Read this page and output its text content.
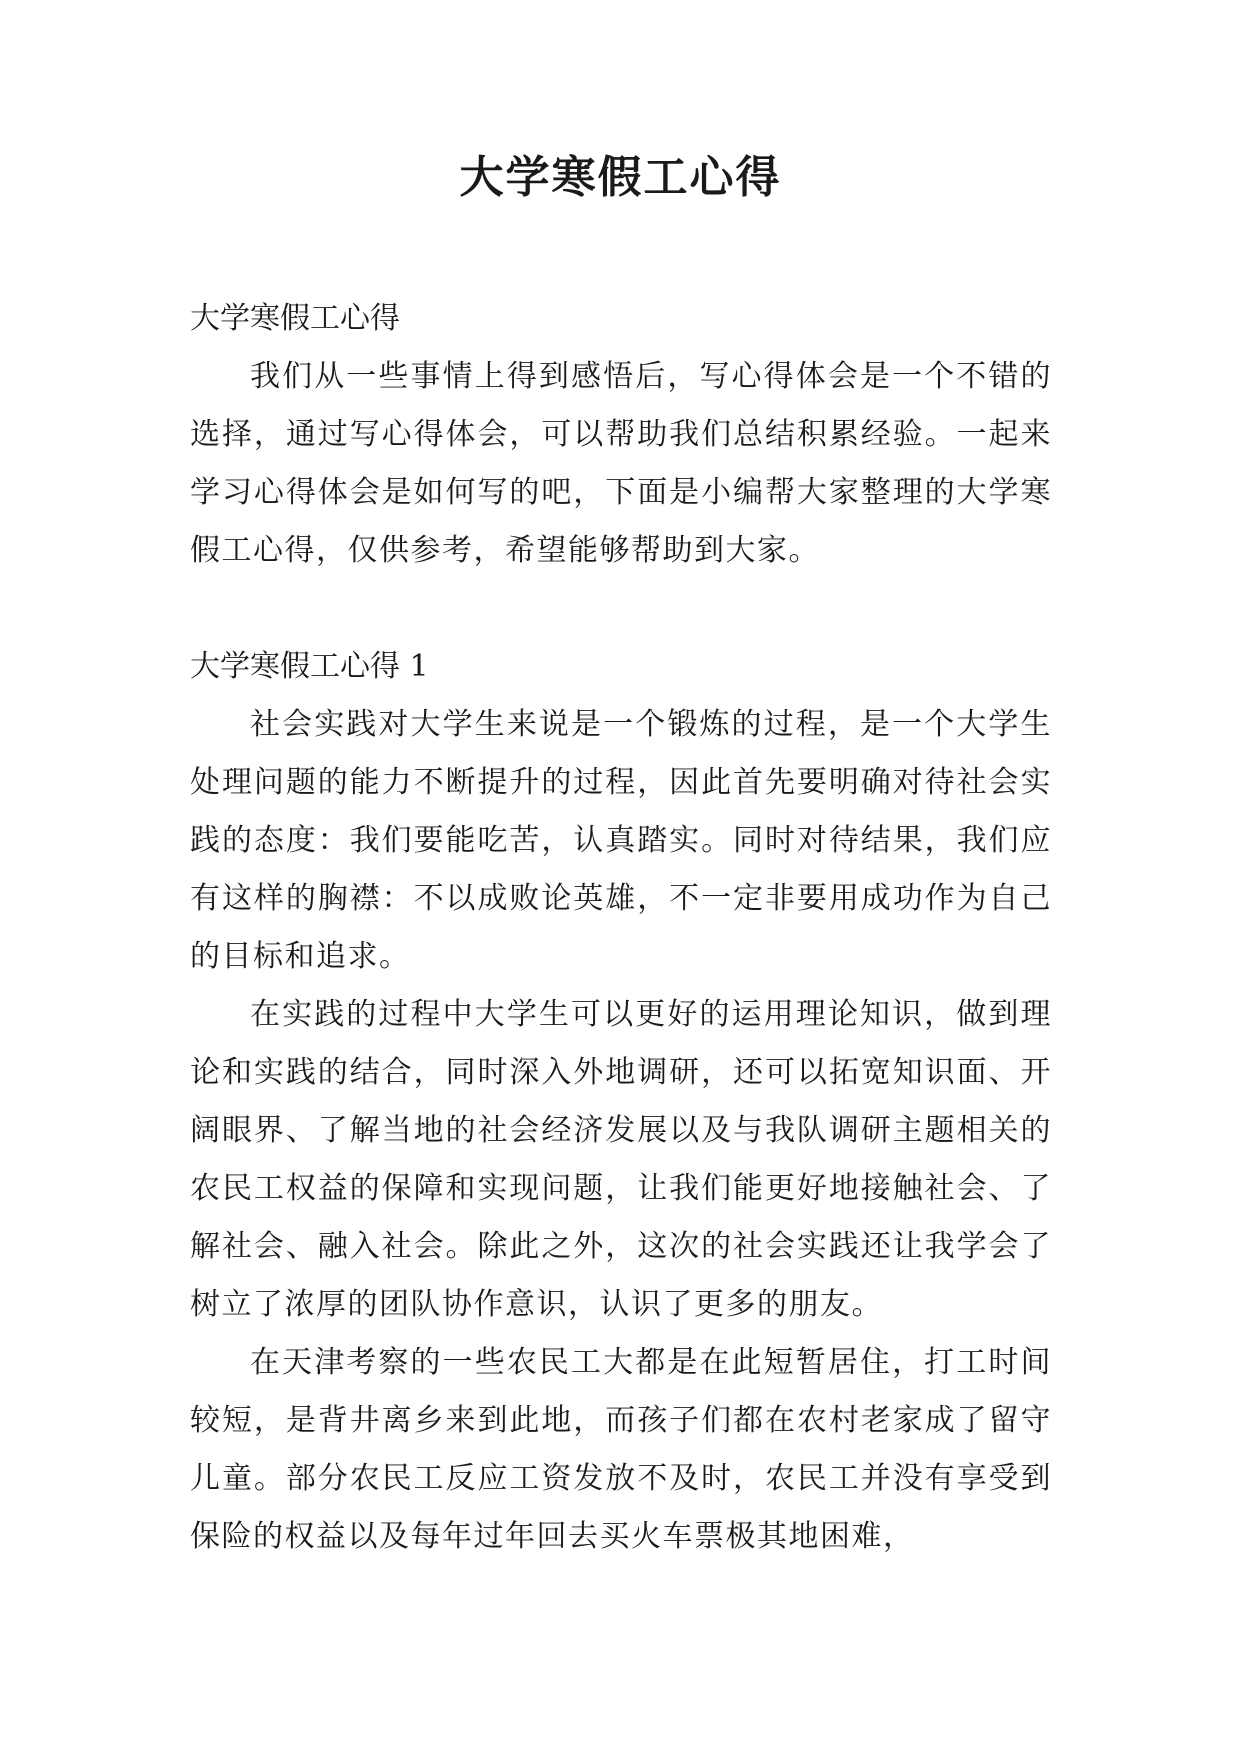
大学寒假工心得

大学寒假工心得

我们从一些事情上得到感悟后，写心得体会是一个不错的选择，通过写心得体会，可以帮助我们总结积累经验。一起来学习心得体会是如何写的吧，下面是小编帮大家整理的大学寒假工心得，仅供参考，希望能够帮助到大家。

大学寒假工心得 1

社会实践对大学生来说是一个锻炼的过程，是一个大学生处理问题的能力不断提升的过程，因此首先要明确对待社会实践的态度：我们要能吃苦，认真踏实。同时对待结果，我们应有这样的胸襟：不以成败论英雄，不一定非要用成功作为自己的目标和追求。

在实践的过程中大学生可以更好的运用理论知识，做到理论和实践的结合，同时深入外地调研，还可以拓宽知识面、开阔眼界、了解当地的社会经济发展以及与我队调研主题相关的农民工权益的保障和实现问题，让我们能更好地接触社会、了解社会、融入社会。除此之外，这次的社会实践还让我学会了树立了浓厚的团队协作意识，认识了更多的朋友。

在天津考察的一些农民工大都是在此短暂居住，打工时间较短，是背井离乡来到此地，而孩子们都在农村老家成了留守儿童。部分农民工反应工资发放不及时，农民工并没有享受到保险的权益以及每年过年回去买火车票极其地困难，
